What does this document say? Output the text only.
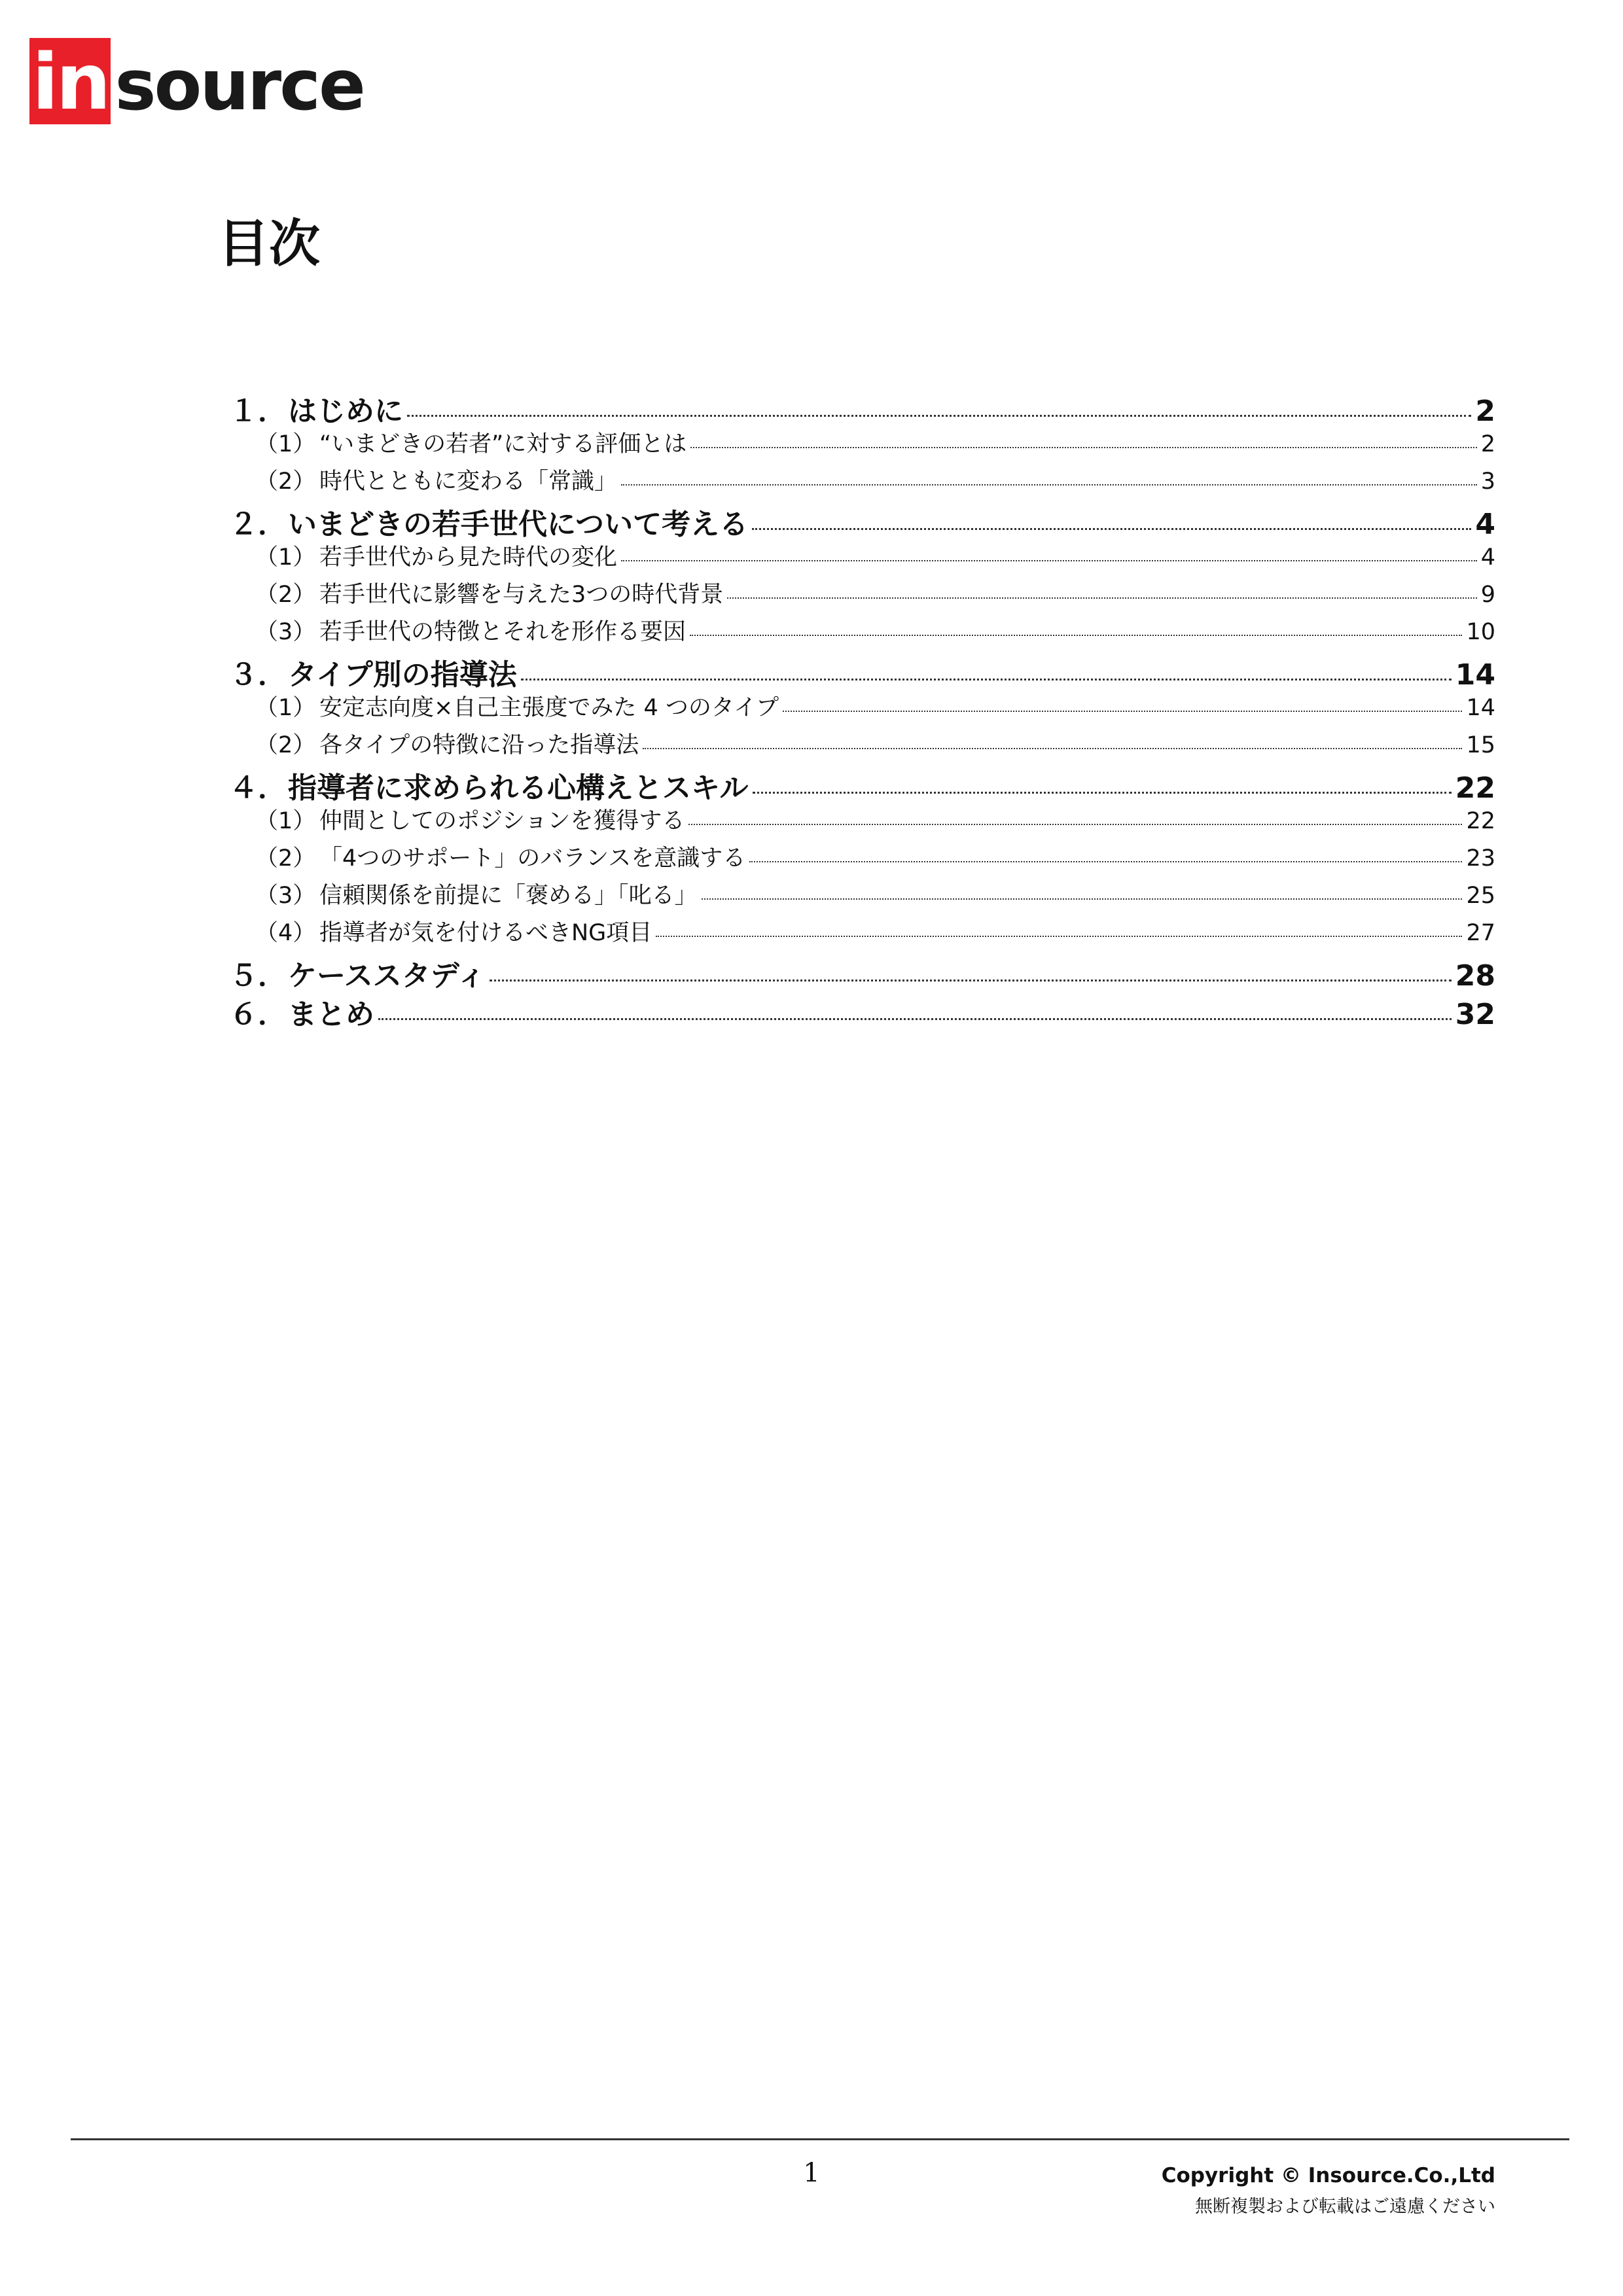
in source
目次
１． はじめに	2
（1） “いまどきの若者”に対する評価とは	2
（2） 時代とともに変わる「常識」	3
２． いまどきの若手世代について考える	4
（1） 若手世代から見た時代の変化	4
（2） 若手世代に影響を与えた3つの時代背景	9
（3） 若手世代の特徴とそれを形作る要因	10
３． タイプ別の指導法	14
（1） 安定志向度×自己主張度でみた 4 つのタイプ	14
（2） 各タイプの特徴に沿った指導法	15
４． 指導者に求められる心構えとスキル	22
（1） 仲間としてのポジションを獲得する	22
（2） 「4つのサポート」のバランスを意識する	23
（3） 信頼関係を前提に「褒める」「叱る」	25
（4） 指導者が気を付けるべきNG項目	27
５． ケーススタディ	28
６． まとめ	32
1	Copyright © Insource.Co.,Ltd
無断複製および転載はご遠慮ください
